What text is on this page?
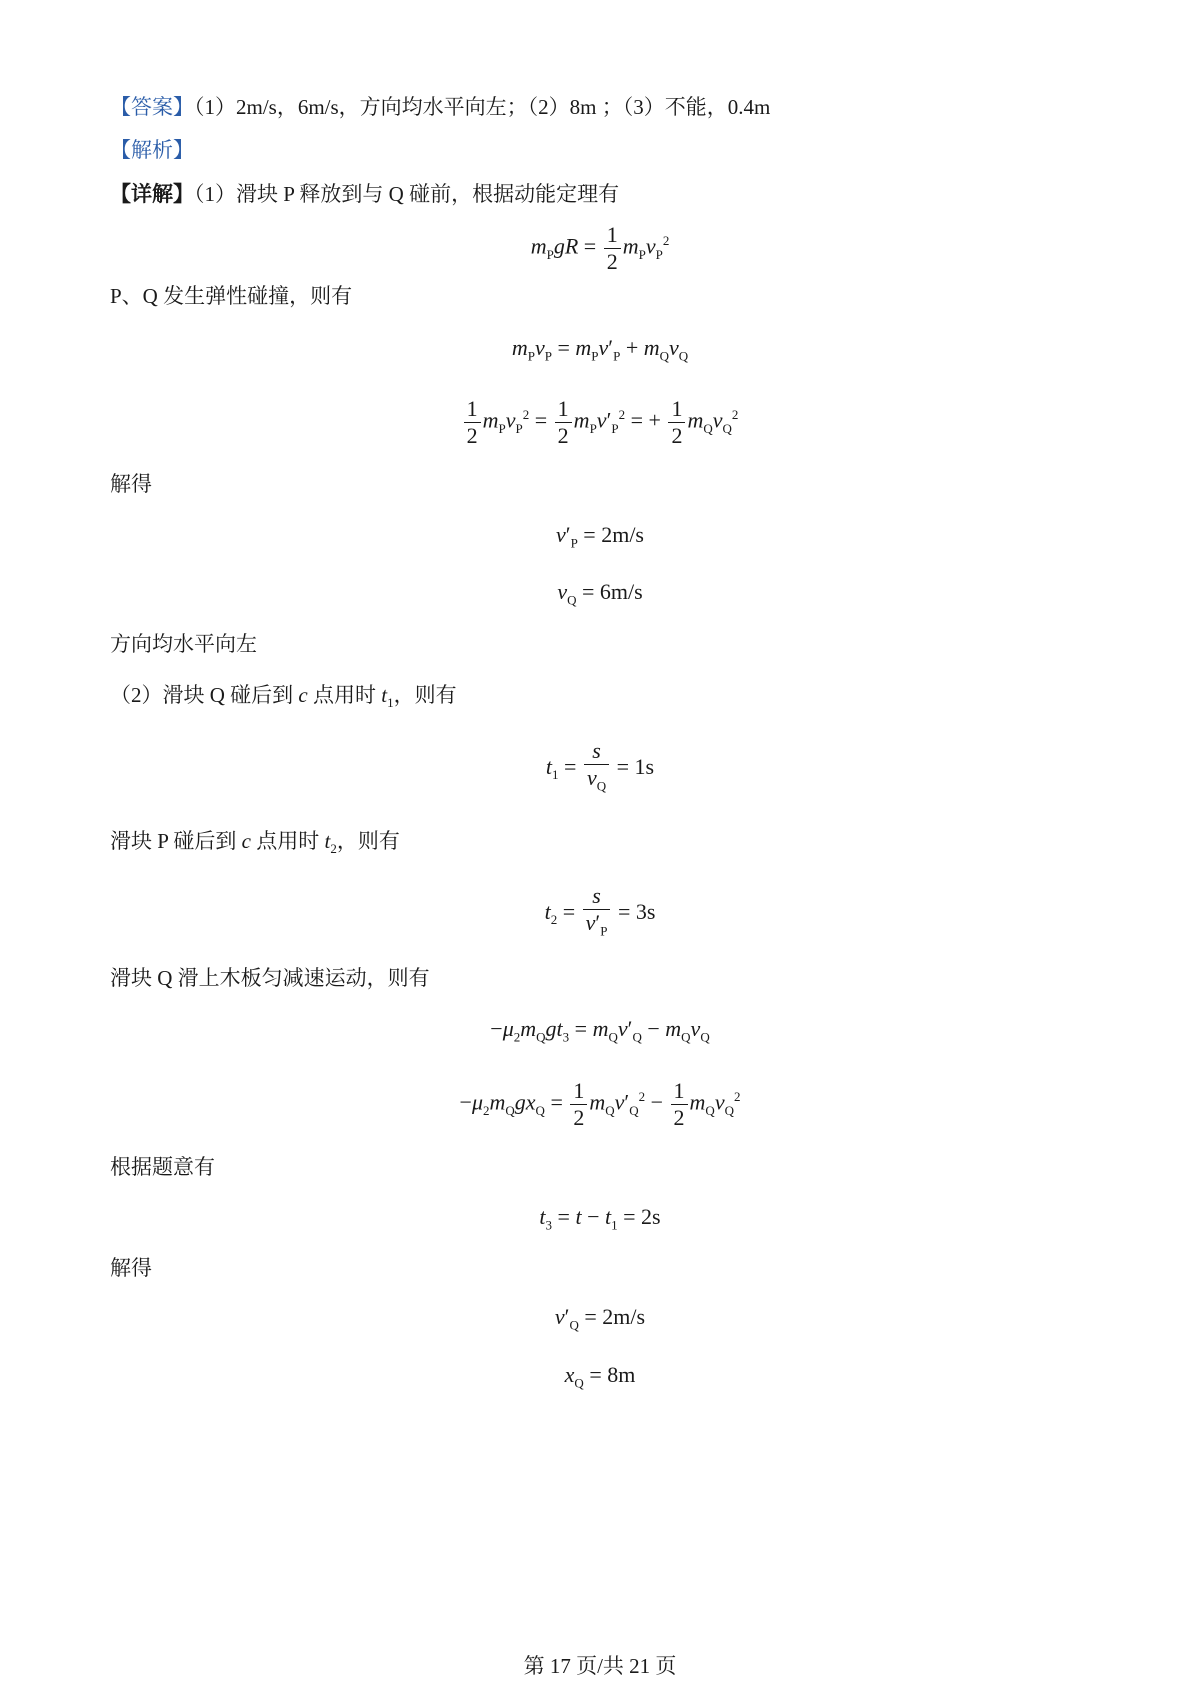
【答案】（1）2m/s，6m/s，方向均水平向左；（2）8m ；（3）不能，0.4m
【解析】
【详解】（1）滑块 P 释放到与 Q 碰前，根据动能定理有
$m_PgR = \frac{1}{2} m_Pv_P^2$
P、Q 发生弹性碰撞，则有
$m_Pv_P = m_Pv'_P + m_Qv_Q$
$\frac{1}{2} m_Pv_P^2 = \frac{1}{2} m_Pv'_P^2$ = + $\frac{1}{2} m_Qv_Q^2$
解得
$v'_P = 2m/s$
$v_Q = 6m/s$
方向均水平向左
（2）滑块 Q 碰后到 c 点用时 $t_1$，则有
$t_1 = \frac{s}{v_Q} = 1s$
滑块 P 碰后到 c 点用时 $t_2$，则有
$t_2 = \frac{s}{v'_P} = 3s$
滑块 Q 滑上木板匀减速运动，则有
$-\mu_2m_Qgt_3 = m_Qv'_Q - m_Qv_Q$
$-\mu_2m_Qgx_Q = \frac{1}{2} m_Qv'_Q^2 - \frac{1}{2} m_Qv_Q^2$
根据题意有
$t_3 = t - t_1 = 2s$
解得
$v'_Q = 2m/s$
$x_Q = 8m$
第 17 页/共 21 页
